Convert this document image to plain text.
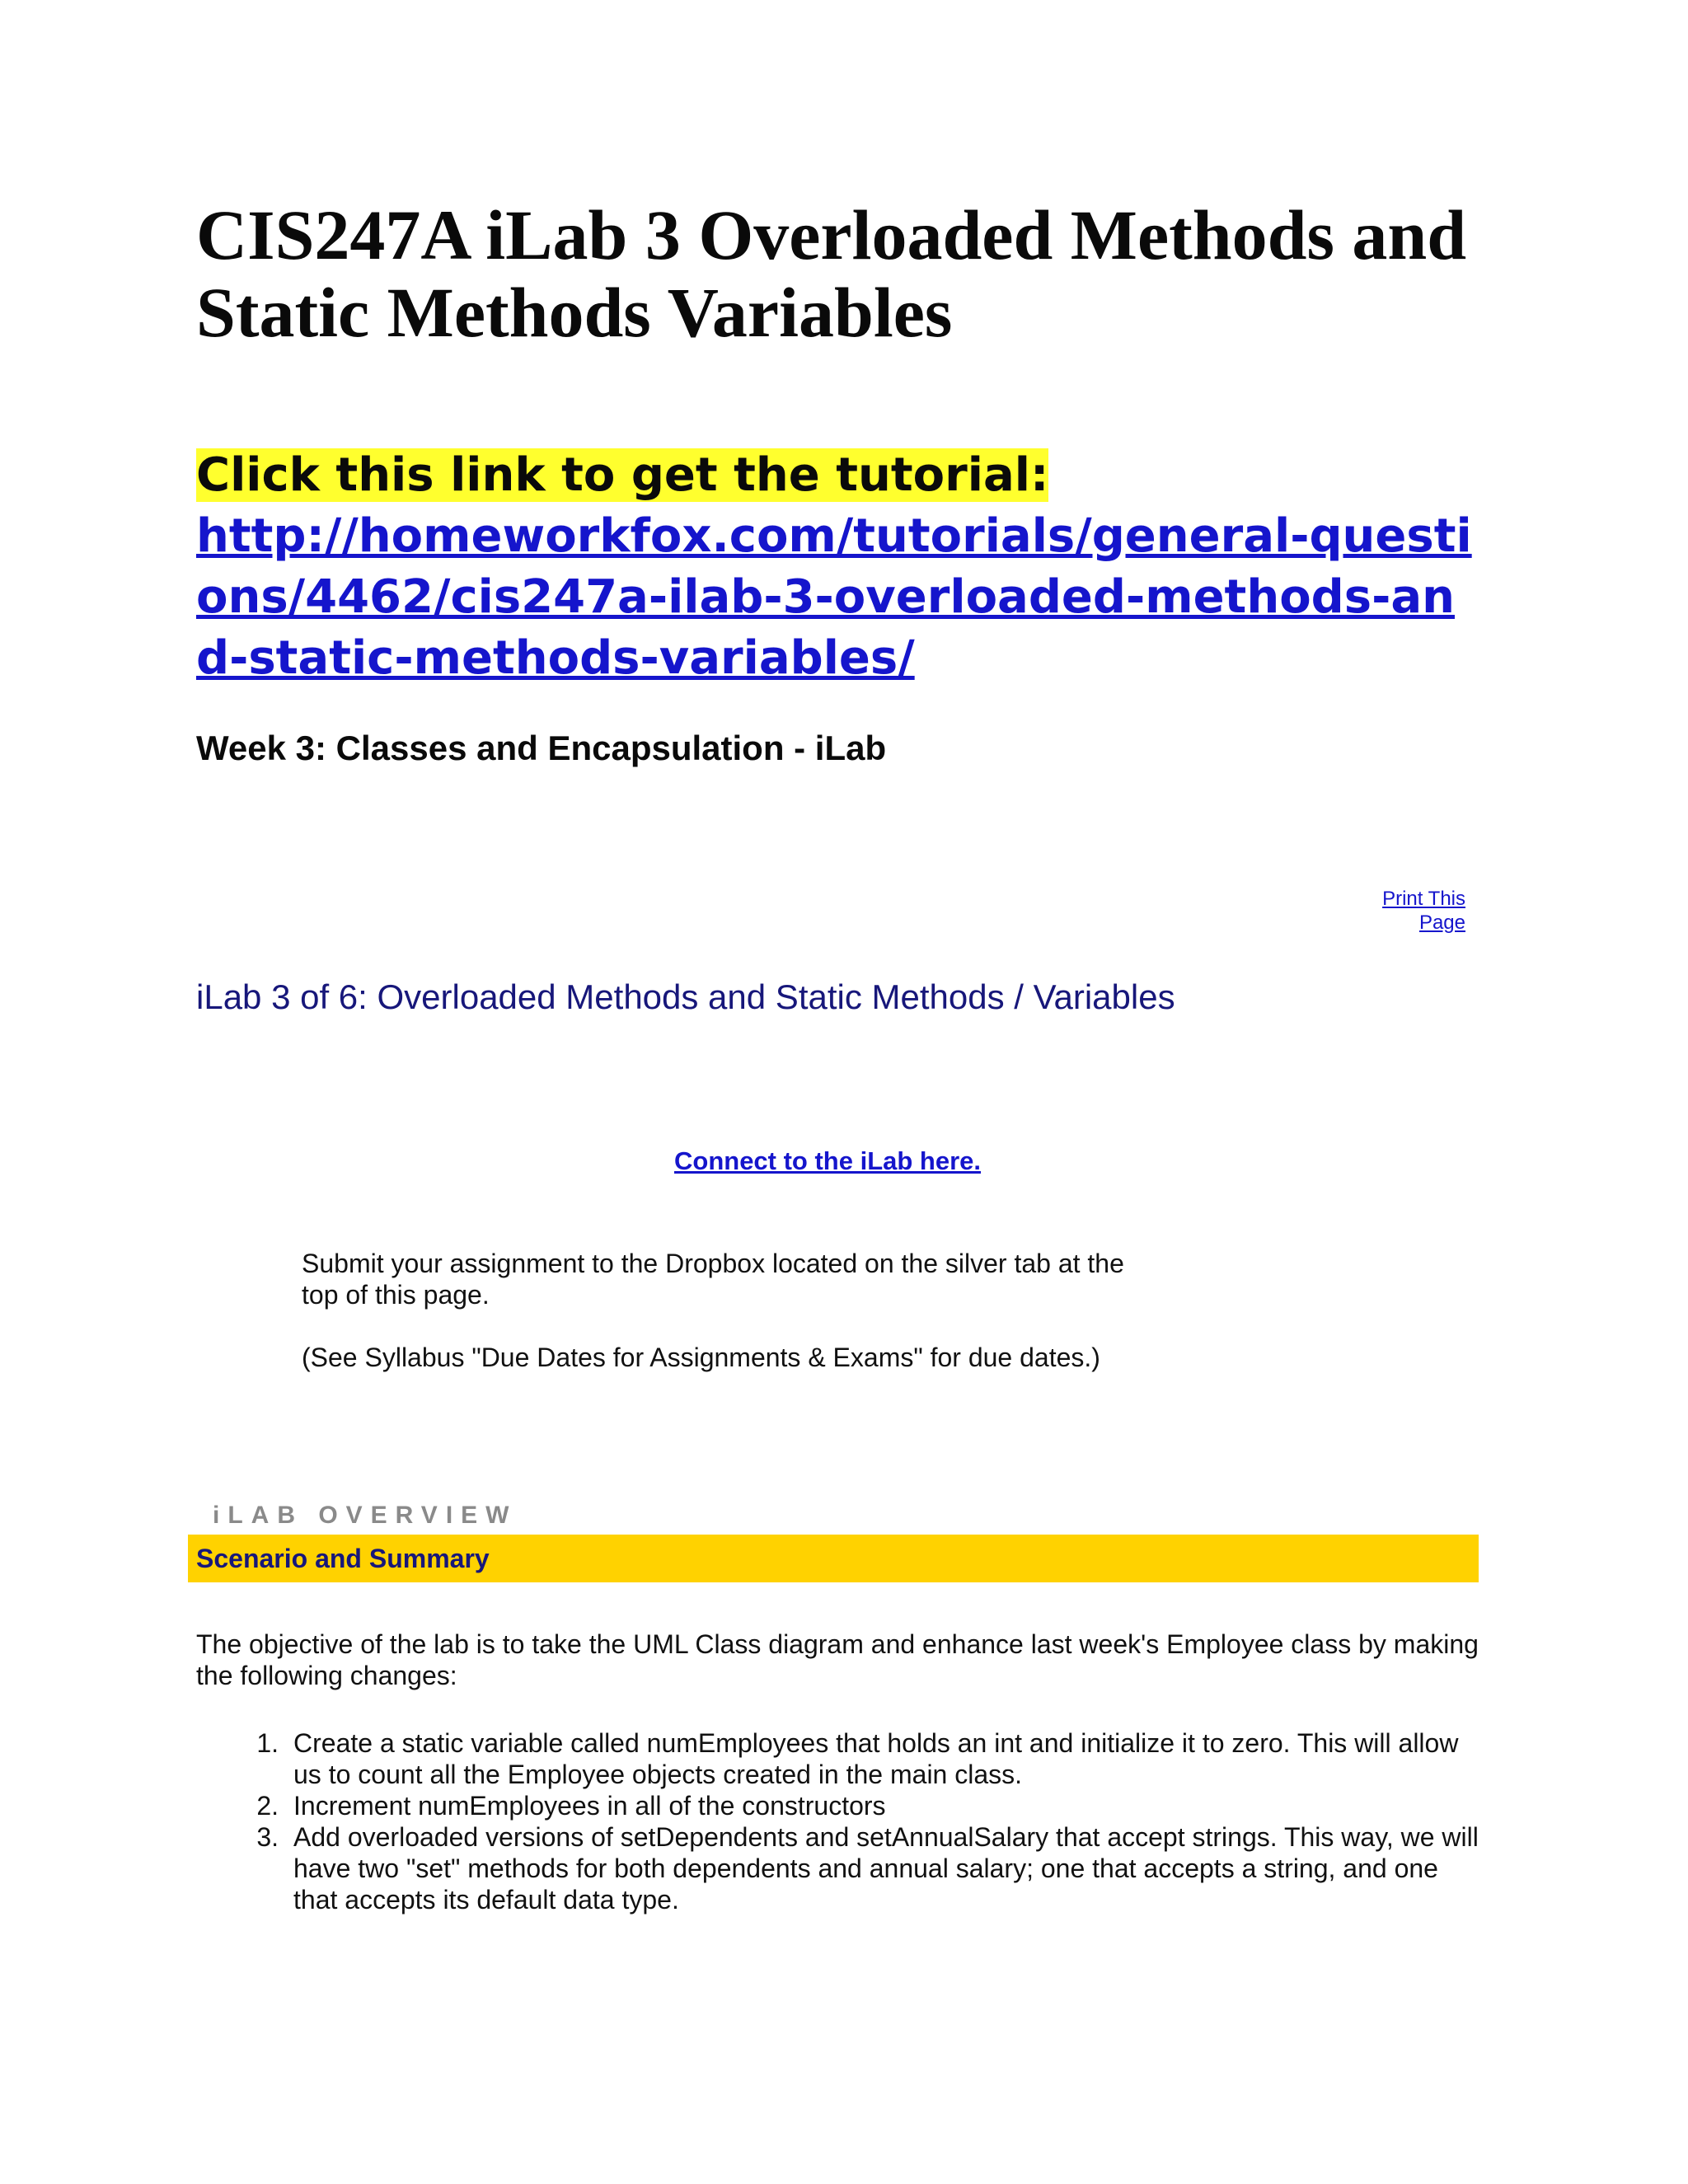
CIS247A iLab 3 Overloaded Methods and Static Methods Variables
Click this link to get the tutorial:
http://homeworkfox.com/tutorials/general-questions/4462/cis247a-ilab-3-overloaded-methods-and-static-methods-variables/
Week 3: Classes and Encapsulation - iLab
Print This Page
iLab 3 of 6: Overloaded Methods and Static Methods / Variables
Connect to the iLab here.

Submit your assignment to the Dropbox located on the silver tab at the top of this page.

(See Syllabus "Due Dates for Assignments & Exams" for due dates.)

iLAB OVERVIEW
Scenario and Summary

The objective of the lab is to take the UML Class diagram and enhance last week's Employee class by making the following changes:

1. Create a static variable called numEmployees that holds an int and initialize it to zero. This will allow us to count all the Employee objects created in the main class.
2. Increment numEmployees in all of the constructors
3. Add overloaded versions of setDependents and setAnnualSalary that accept strings. This way, we will have two "set" methods for both dependents and annual salary; one that accepts a string, and one that accepts its default data type.
